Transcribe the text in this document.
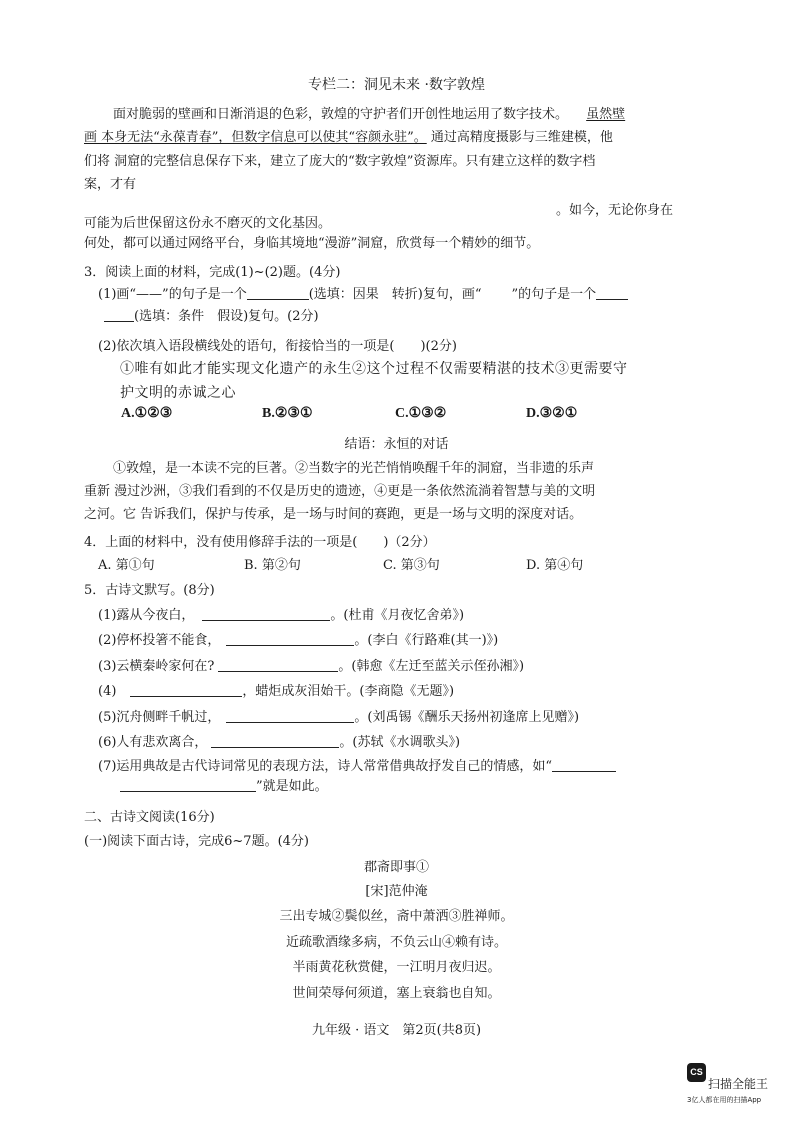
专栏二：洞见未来 ·数字敦煌
面对脆弱的壁画和日渐消退的色彩，敦煌的守护者们开创性地运用了数字技术。 虽然壁
画 本身无法“永葆青春”，但数字信息可以使其“容颜永驻”。 通过高精度摄影与三维建模，他
们将 洞窟的完整信息保存下来，建立了庞大的“数字敦煌”资源库。只有建立这样的数字档
案，才有
。如今，无论你身在
可能为后世保留这份永不磨灭的文化基因。
何处，都可以通过网络平台，身临其境地“漫游”洞窟，欣赏每一个精妙的细节。
3．阅读上面的材料，完成(1)~(2)题。(4分)
(1)画“——”的句子是一个	(选填：因果　转折)复句，画“ ”的句子是一个
(选填：条件　假设)复句。(2分)
(2)依次填入语段横线处的语句，衔接恰当的一项是(　　)(2分)
①唯有如此才能实现文化遗产的永生②这个过程不仅需要精湛的技术③更需要守
护文明的赤诚之心
A.①②③	B.②③①	C.①③②	D.③②①
结语：永恒的对话
①敦煌，是一本读不完的巨著。②当数字的光芒悄悄唤醒千年的洞窟，当非遗的乐声
重新 漫过沙洲，③我们看到的不仅是历史的遗迹，④更是一条依然流淌着智慧与美的文明
之河。它 告诉我们，保护与传承，是一场与时间的赛跑，更是一场与文明的深度对话。
4．上面的材料中，没有使用修辞手法的一项是(　　)（2分）
A. 第①句	B. 第②句	C. 第③句	D. 第④句
5．古诗文默写。(8分)
(1)露从今夜白，	。(杜甫《月夜忆舍弟》)
(2)停杯投箸不能食，	。(李白《行路难(其一)》)
(3)云横秦岭家何在?	。(韩愈《左迁至蓝关示侄孙湘》)
(4)	，蜡炬成灰泪始干。(李商隐《无题》)
(5)沉舟侧畔千帆过，	。(刘禹锡《酬乐天扬州初逢席上见赠》)
(6)人有悲欢离合，	。(苏轼《水调歌头》)
(7)运用典故是古代诗词常见的表现方法，诗人常常借典故抒发自己的情感，如“
”就是如此。
二、古诗文阅读(16分)
(一)阅读下面古诗，完成6~7题。(4分)
郡斋即事①
[宋]范仲淹
三出专城②鬓似丝，斋中萧洒③胜禅师。
近疏歌酒缘多病，不负云山④赖有诗。
半雨黄花秋赏健，一江明月夜归迟。
世间荣辱何须道，塞上衰翁也自知。
九年级 · 语文　第2页(共8页)
CS
扫描全能王
3亿人都在用的扫描App
